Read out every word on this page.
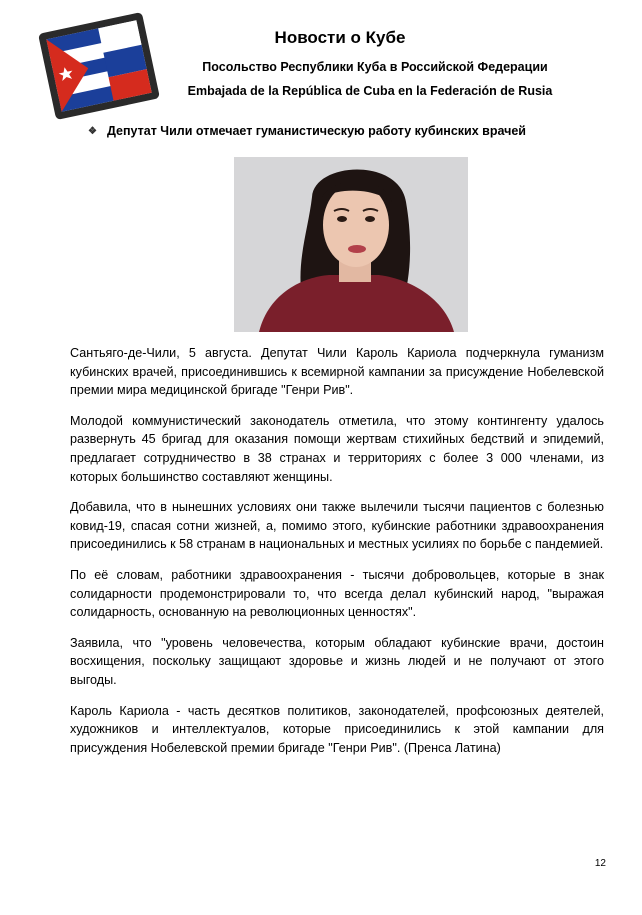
Новости о Кубе
Посольство Республики Куба в Российской Федерации
Embajada de la República de Cuba en la Federación de Rusia
❖ Депутат Чили отмечает гуманистическую работу кубинских врачей

Сантьяго-де-Чили, 5 августа. Депутат Чили Кароль Кариола подчеркнула гуманизм кубинских врачей, присоединившись к всемирной кампании за присуждение Нобелевской премии мира медицинской бригаде "Генри Рив".

Молодой коммунистический законодатель отметила, что этому контингенту удалось развернуть 45 бригад для оказания помощи жертвам стихийных бедствий и эпидемий, предлагает сотрудничество в 38 странах и территориях с более 3 000 членами, из которых большинство составляют женщины.

Добавила, что в нынешних условиях они также вылечили тысячи пациентов с болезнью ковид-19, спасая сотни жизней, а, помимо этого, кубинские работники здравоохранения присоединились к 58 странам в национальных и местных усилиях по борьбе с пандемией.

По её словам, работники здравоохранения - тысячи добровольцев, которые в знак солидарности продемонстрировали то, что всегда делал кубинский народ, "выражая солидарность, основанную на революционных ценностях".

Заявила, что "уровень человечества, которым обладают кубинские врачи, достоин восхищения, поскольку защищают здоровье и жизнь людей и не получают от этого выгоды.

Кароль Кариола - часть десятков политиков, законодателей, профсоюзных деятелей, художников и интеллектуалов, которые присоединились к этой кампании для присуждения Нобелевской премии бригаде "Генри Рив". (Пренса Латина)

12
